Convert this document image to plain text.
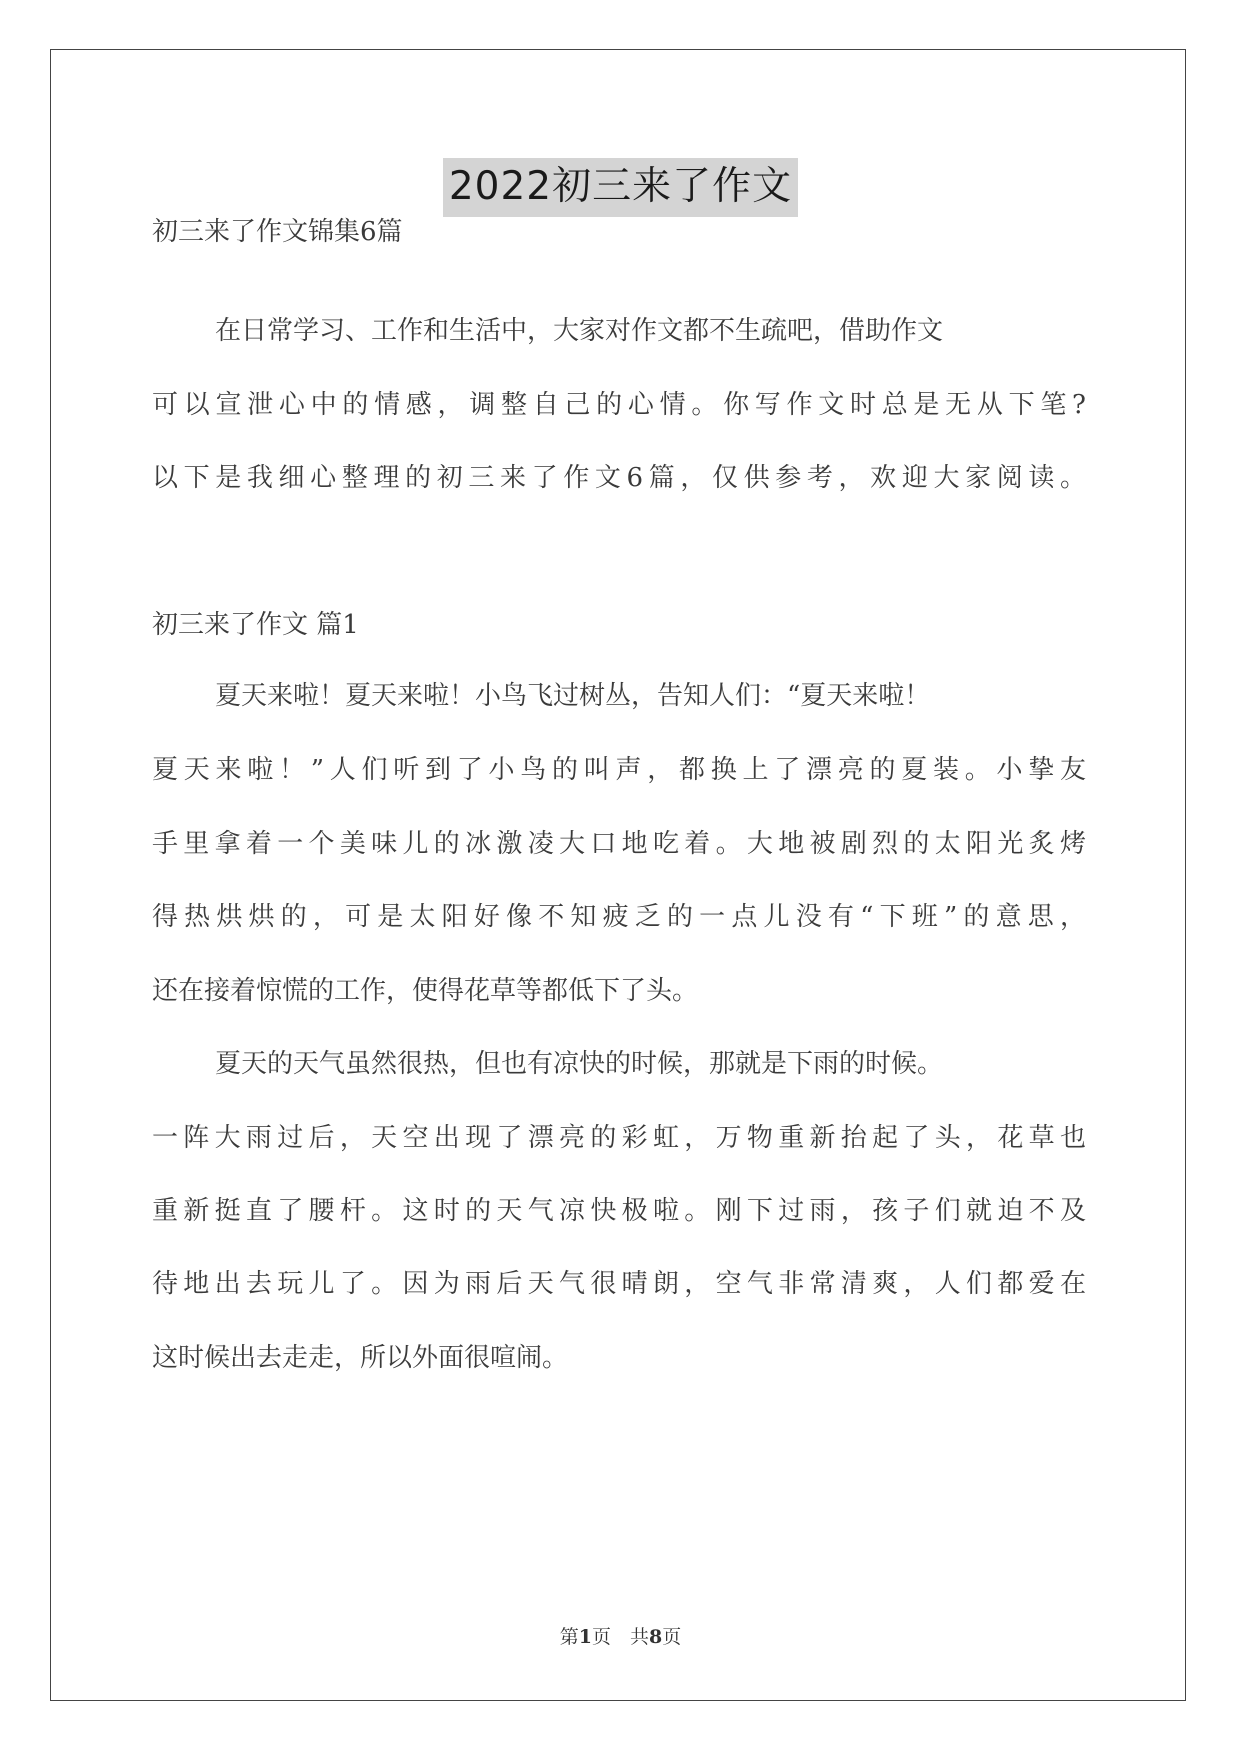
2022初三来了作文
初三来了作文锦集6篇
在日常学习、工作和生活中，大家对作文都不生疏吧，借助作文
可以宣泄心中的情感，调整自己的心情。你写作文时总是无从下笔?
以下是我细心整理的初三来了作文6篇，仅供参考，欢迎大家阅读。
初三来了作文 篇1
夏天来啦！夏天来啦！小鸟飞过树丛，告知人们：“夏天来啦！
夏天来啦！”人们听到了小鸟的叫声，都换上了漂亮的夏装。小挚友
手里拿着一个美味儿的冰激凌大口地吃着。大地被剧烈的太阳光炙烤
得热烘烘的，可是太阳好像不知疲乏的一点儿没有“下班”的意思，
还在接着惊慌的工作，使得花草等都低下了头。
夏天的天气虽然很热，但也有凉快的时候，那就是下雨的时候。
一阵大雨过后，天空出现了漂亮的彩虹，万物重新抬起了头，花草也
重新挺直了腰杆。这时的天气凉快极啦。刚下过雨，孩子们就迫不及
待地出去玩儿了。因为雨后天气很晴朗，空气非常清爽，人们都爱在
这时候出去走走，所以外面很喧闹。
第1页　共8页
